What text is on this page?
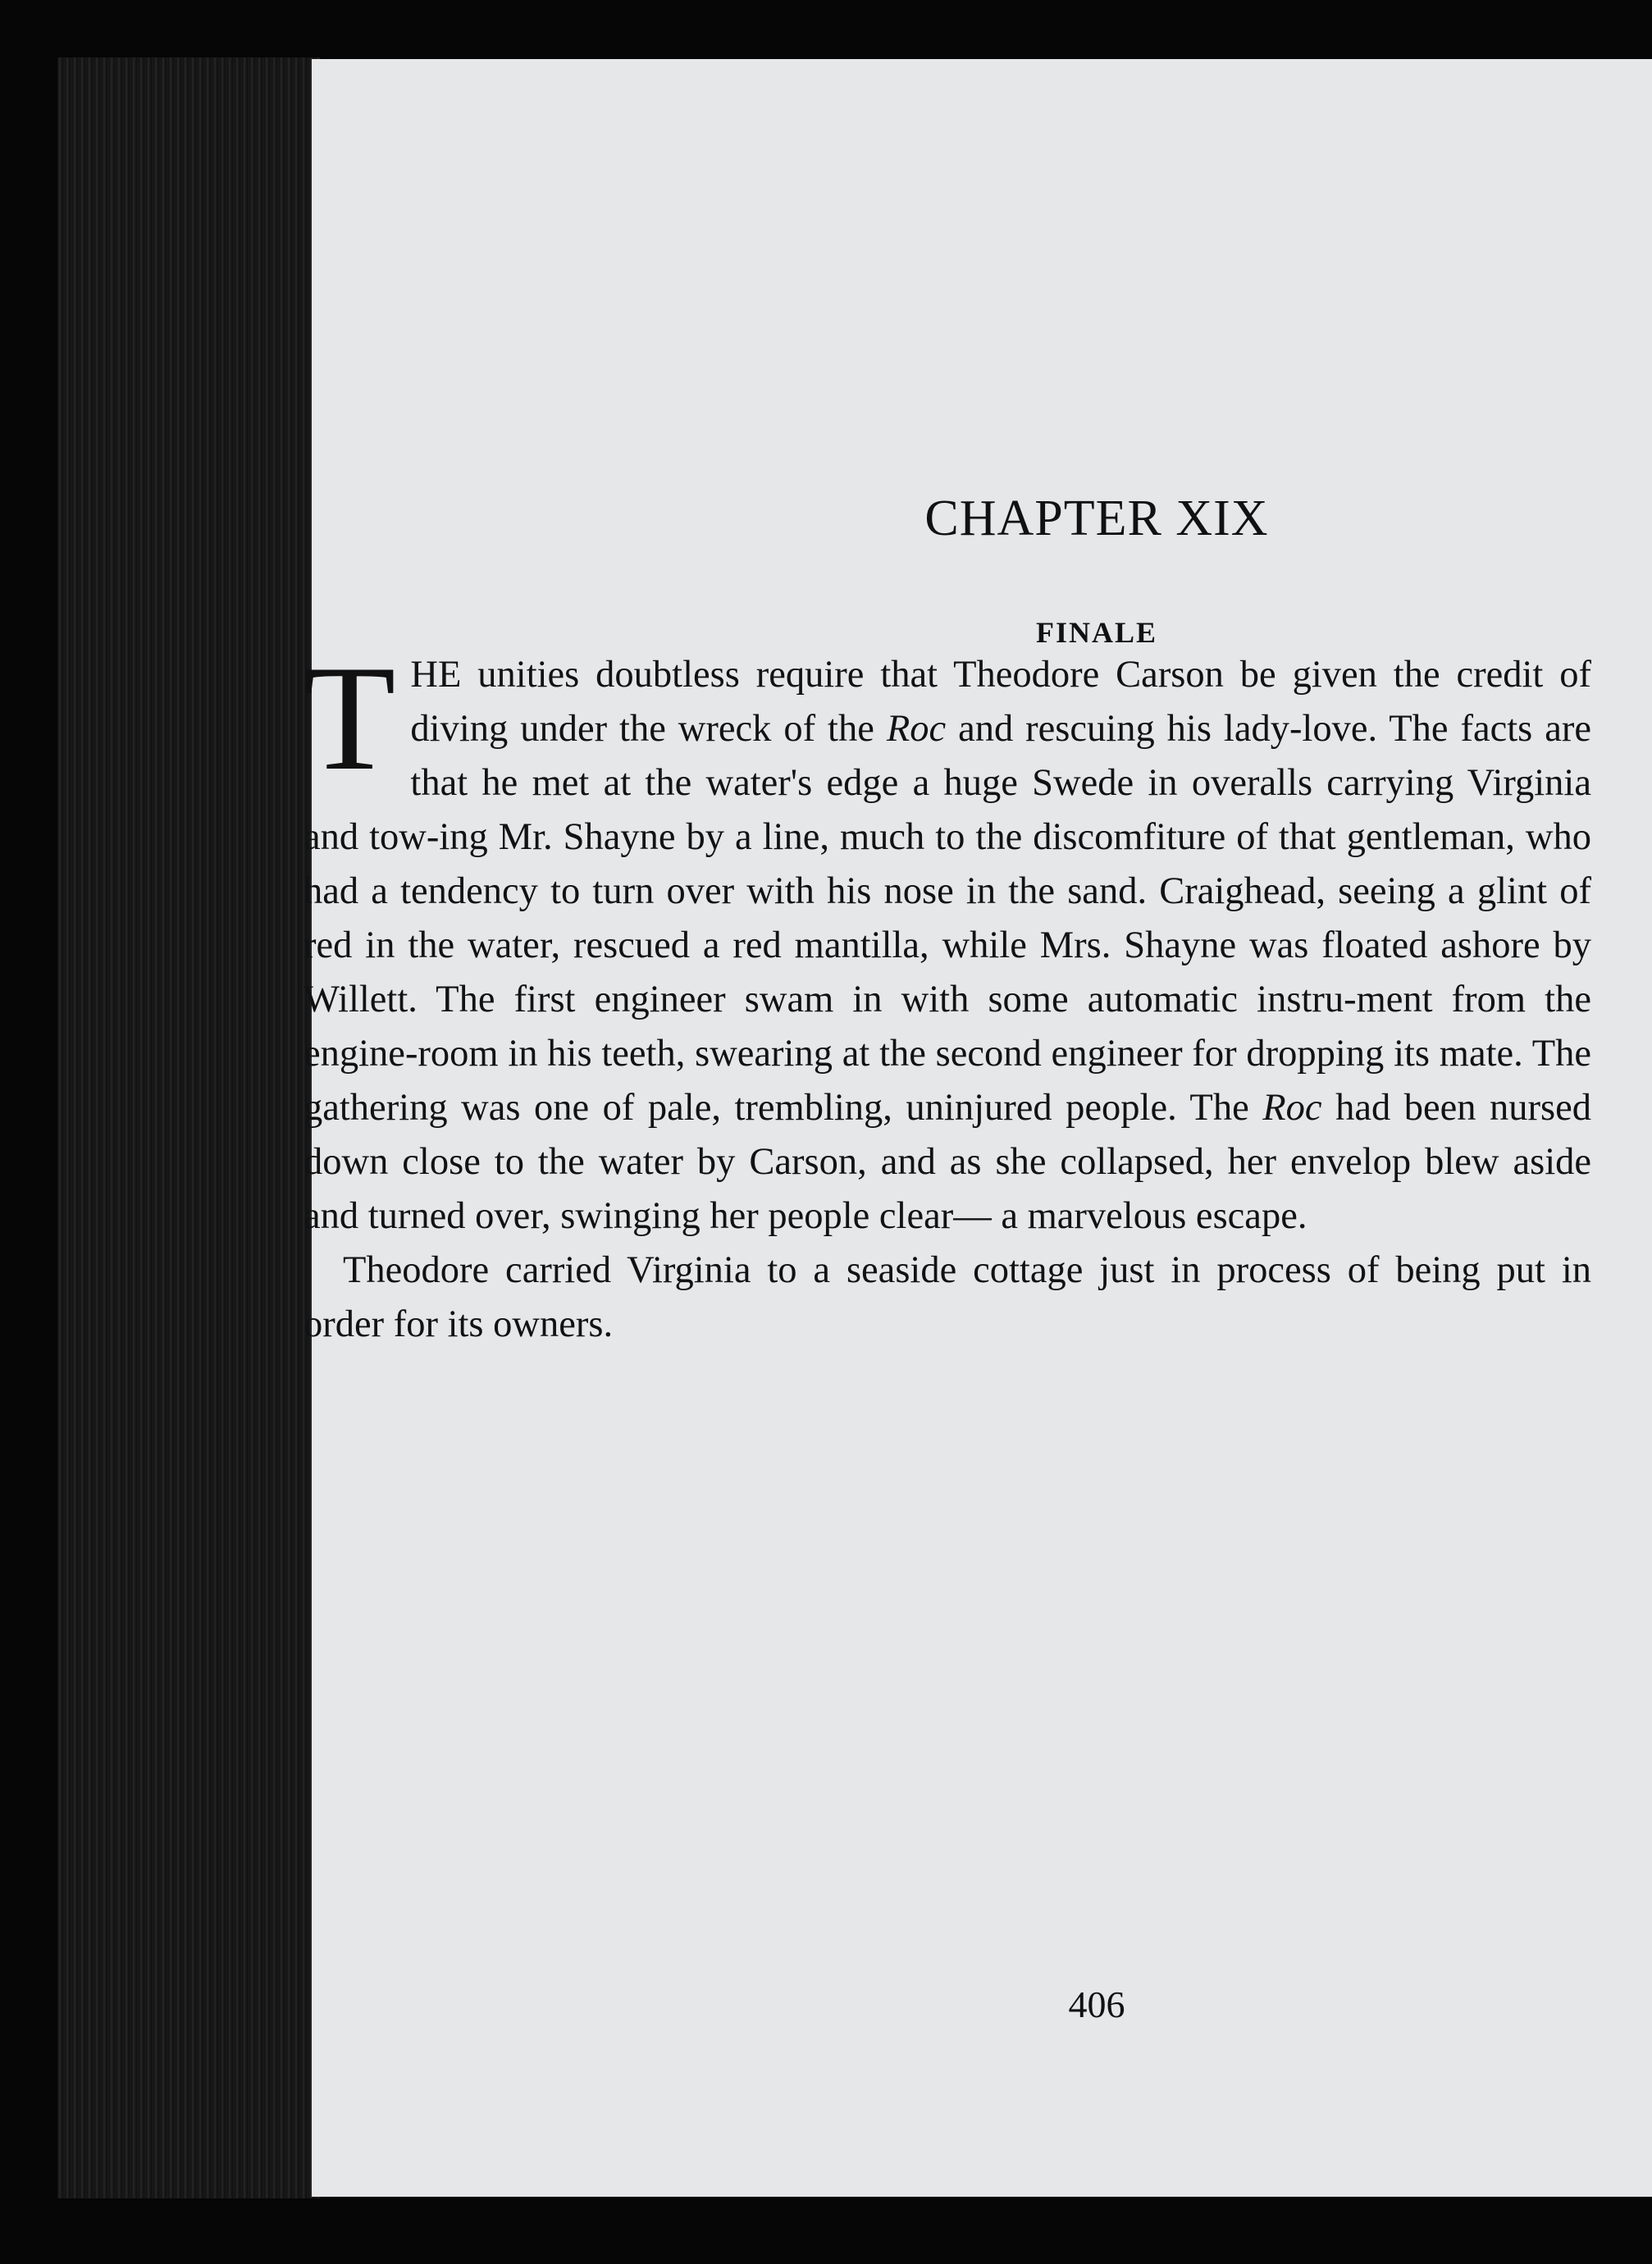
CHAPTER XIX
FINALE

406

THE unities doubtless require that Theodore Carson be given the credit of diving under the wreck of the Roc and rescuing his lady-love. The facts are that he met at the water's edge a huge Swede in overalls carrying Virginia and tow-ing Mr. Shayne by a line, much to the discomfiture of that gentleman, who had a tendency to turn over with his nose in the sand. Craighead, seeing a glint of red in the water, rescued a red mantilla, while Mrs. Shayne was floated ashore by Willett. The first engineer swam in with some automatic instru-ment from the engine-room in his teeth, swearing at the second engineer for dropping its mate. The gathering was one of pale, trembling, uninjured people. The Roc had been nursed down close to the water by Carson, and as she collapsed, her envelop blew aside and turned over, swinging her people clear— a marvelous escape.

Theodore carried Virginia to a seaside cottage just in process of being put in order for its owners.
